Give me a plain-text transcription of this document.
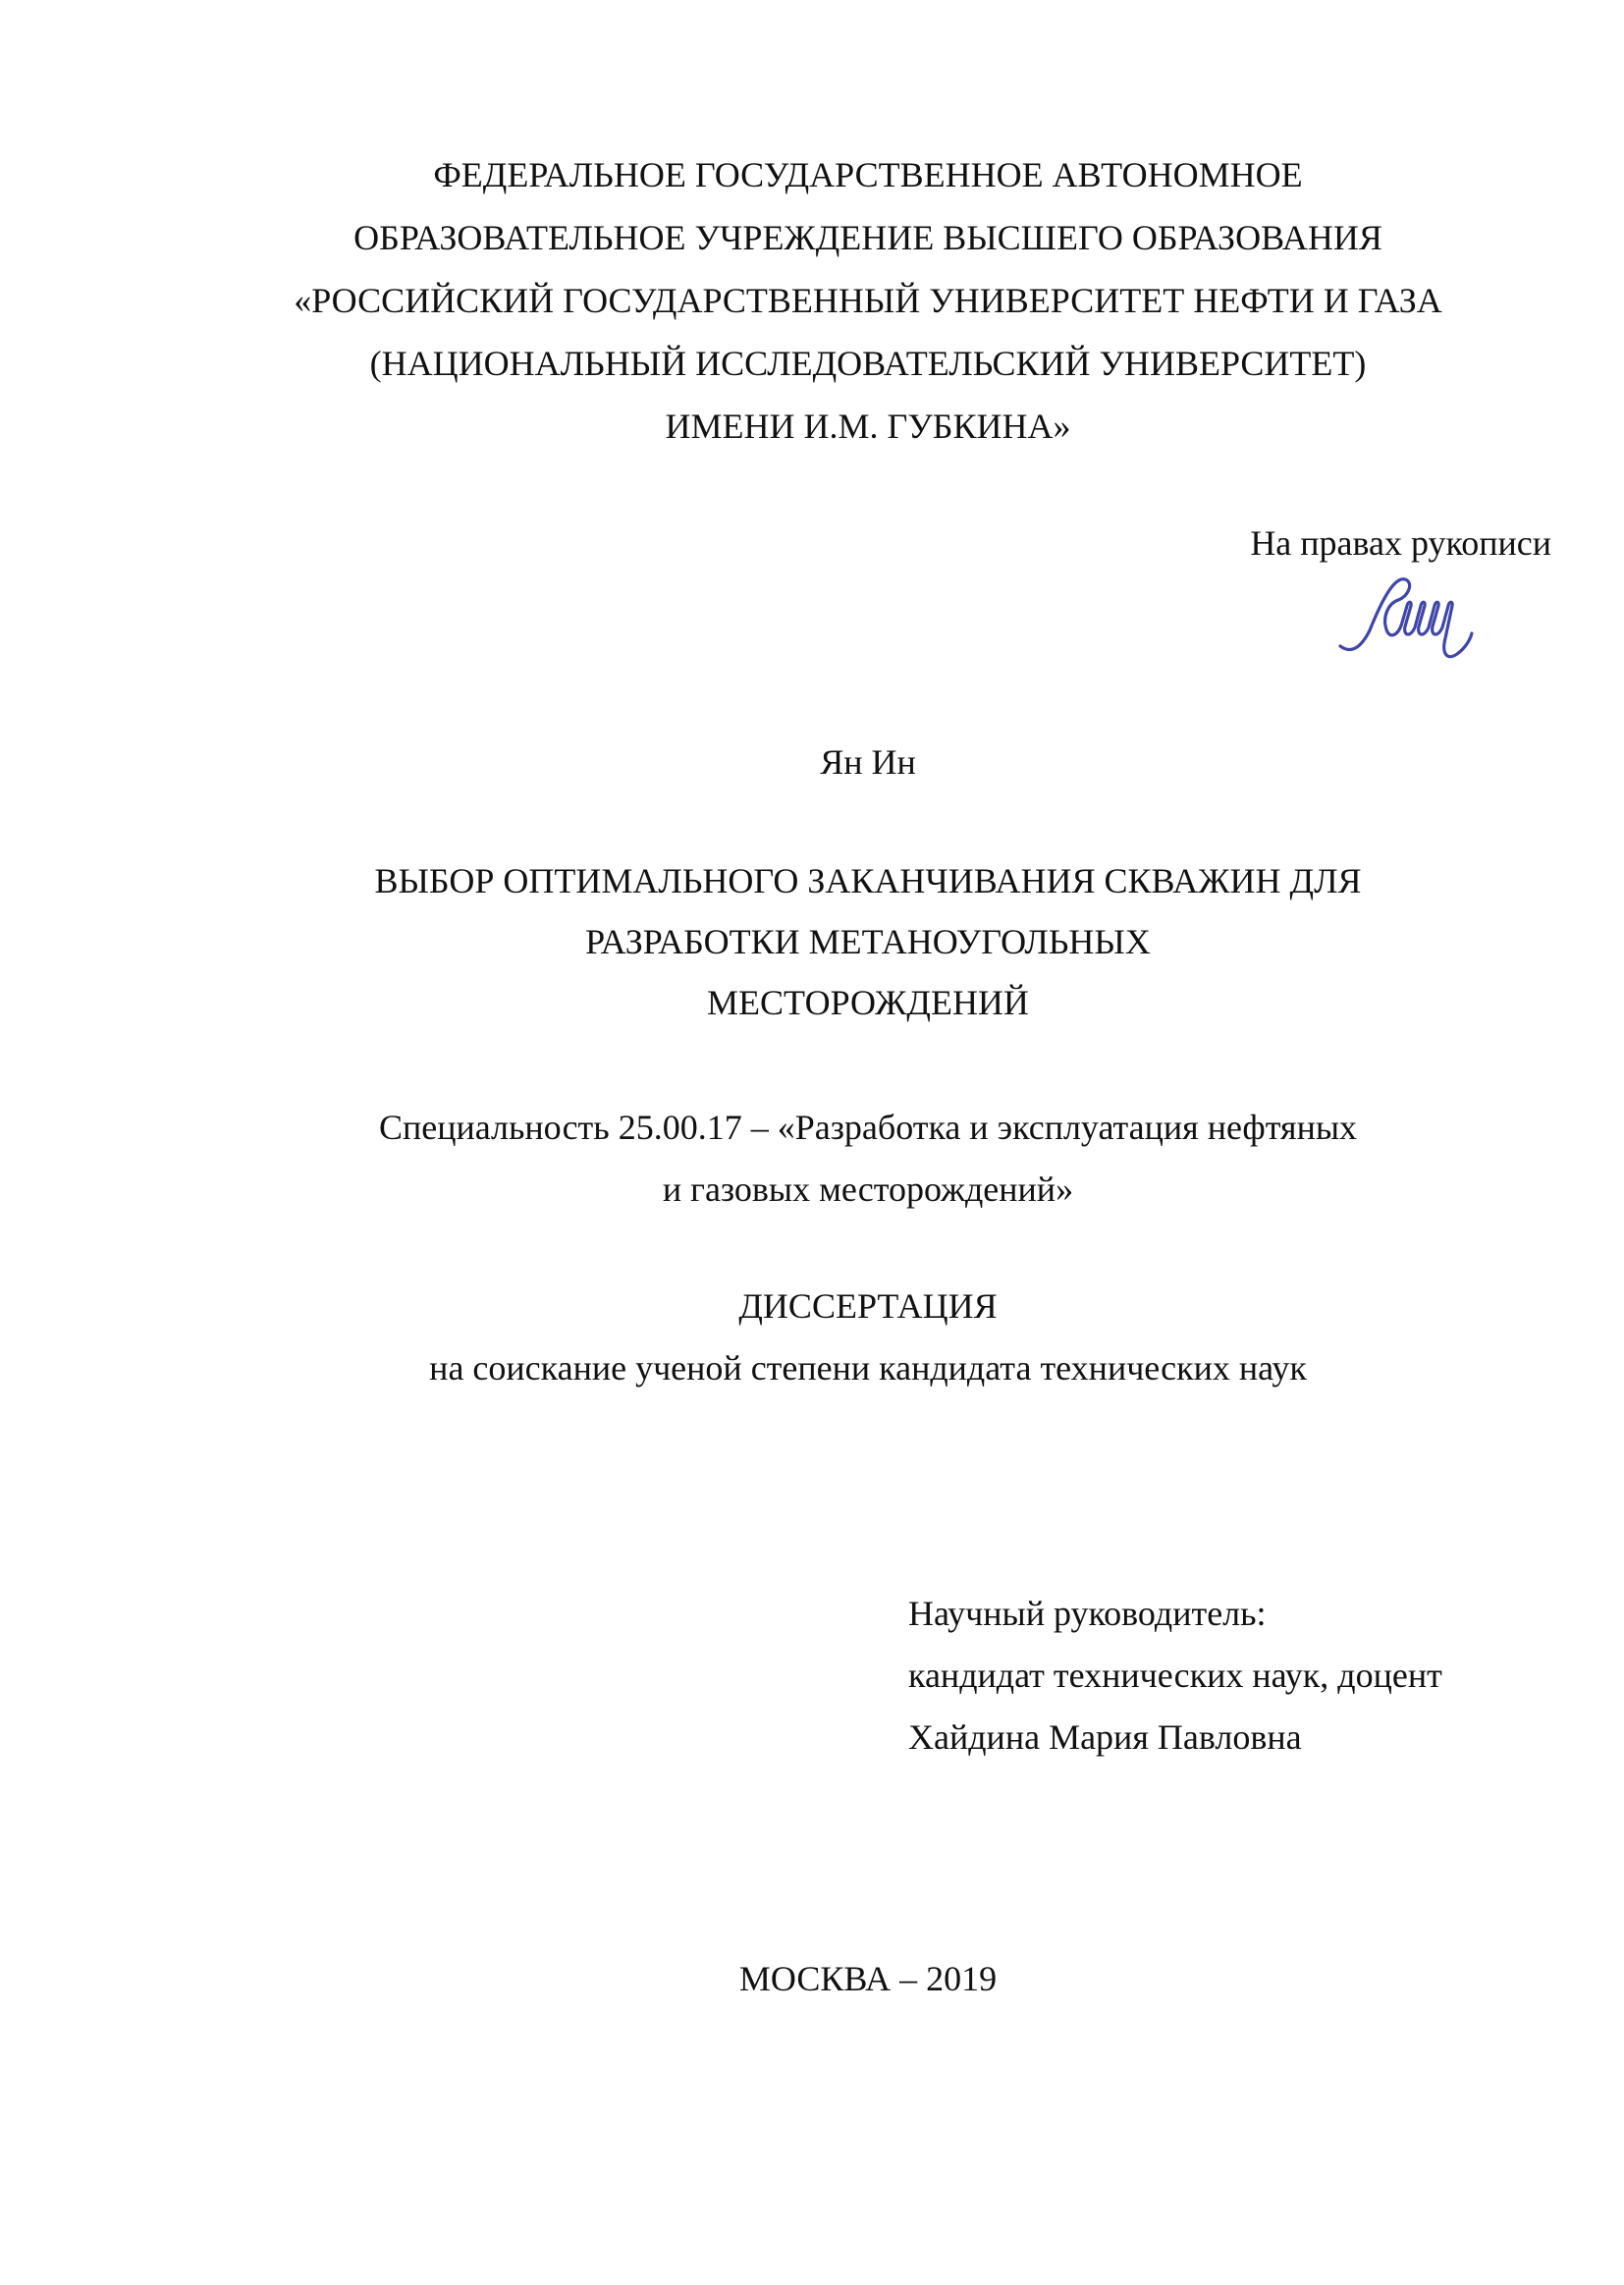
ФЕДЕРАЛЬНОЕ ГОСУДАРСТВЕННОЕ АВТОНОМНОЕ
ОБРАЗОВАТЕЛЬНОЕ УЧРЕЖДЕНИЕ ВЫСШЕГО ОБРАЗОВАНИЯ
«РОССИЙСКИЙ ГОСУДАРСТВЕННЫЙ УНИВЕРСИТЕТ НЕФТИ И ГАЗА
(НАЦИОНАЛЬНЫЙ ИССЛЕДОВАТЕЛЬСКИЙ УНИВЕРСИТЕТ)
ИМЕНИ И.М. ГУБКИНА»
На правах рукописи
Ян Ин
ВЫБОР ОПТИМАЛЬНОГО ЗАКАНЧИВАНИЯ СКВАЖИН ДЛЯ
РАЗРАБОТКИ МЕТАНОУГОЛЬНЫХ
МЕСТОРОЖДЕНИЙ
Специальность 25.00.17 – «Разработка и эксплуатация нефтяных
и газовых месторождений»
ДИССЕРТАЦИЯ
на соискание ученой степени кандидата технических наук
Научный руководитель:
кандидат технических наук, доцент
Хайдина Мария Павловна
МОСКВА – 2019
